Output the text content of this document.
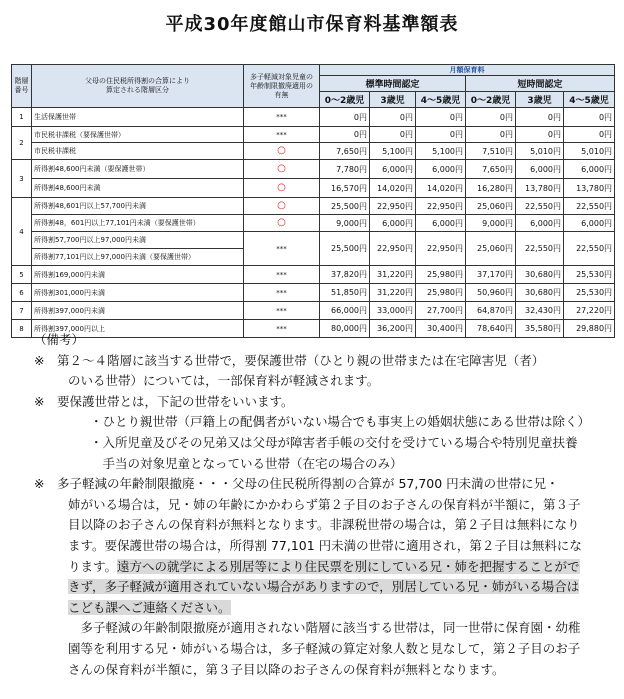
平成30年度館山市保育料基準額表
階層
番号	父母の住民税所得割の合算により
算定される階層区分	多子軽減対象児童の
年齢制限撤廃適用の
有無	月額保育料					
			標準時間認定			短時間認定		
			0～2歳児	3歳児	4～5歳児	0～2歳児	3歳児	4～5歳児
1	生活保護世帯	***	0円	0円	0円	0円	0円	0円
2	市民税非課税（要保護世帯）	***	0円	0円	0円	0円	0円	0円
	市民税非課税	○	7,650円	5,100円	5,100円	7,510円	5,010円	5,010円
3	所得割48,600円未満（要保護世帯）	○	7,780円	6,000円	6,000円	7,650円	6,000円	6,000円
	所得割48,600円未満	○	16,570円	14,020円	14,020円	16,280円	13,780円	13,780円
4	所得割48,601円以上57,700円未満	○	25,500円	22,950円	22,950円	25,060円	22,550円	22,550円
	所得割48，601円以上77,101円未満（要保護世帯）	○	9,000円	6,000円	6,000円	9,000円	6,000円	6,000円
	所得割57,700円以上97,000円未満	***	25,500円	22,950円	22,950円	25,060円	22,550円	22,550円
	所得割77,101円以上97,000円未満（要保護世帯）							
5	所得割169,000円未満	***	37,820円	31,220円	25,980円	37,170円	30,680円	25,530円
6	所得割301,000円未満	***	51,850円	31,220円	25,980円	50,960円	30,680円	25,530円
7	所得割397,000円未満	***	66,000円	33,000円	27,700円	64,870円	32,430円	27,220円
8	所得割397,000円以上	***	80,000円	36,200円	30,400円	78,640円	35,580円	29,880円

（備考）

※　第２～４階層に該当する世帯で，要保護世帯（ひとり親の世帯または在宅障害児（者）

のいる世帯）については，一部保育料が軽減されます。

※　要保護世帯とは，下記の世帯をいいます。

・ひとり親世帯（戸籍上の配偶者がいない場合でも事実上の婚姻状態にある世帯は除く）

・入所児童及びその兄弟又は父母が障害者手帳の交付を受けている場合や特別児童扶養

　手当の対象児童となっている世帯（在宅の場合のみ）

※　多子軽減の年齢制限撤廃・・・父母の住民税所得割の合算が 57,700 円未満の世帯に兄・

姉がいる場合は，兄・姉の年齢にかかわらず第２子目のお子さんの保育料が半額に，第３子

目以降のお子さんの保育料が無料となります。非課税世帯の場合は，第２子目は無料になり

ます。要保護世帯の場合は，所得割 77,101 円未満の世帯に適用され，第２子目は無料にな

ります。遠方への就学による別居等により住民票を別にしている兄・姉を把握することがで

きず，多子軽減が適用されていない場合がありますので，別居している兄・姉がいる場合は

こども課へご連絡ください。

　多子軽減の年齢制限撤廃が適用されない階層に該当する世帯は，同一世帯に保育園・幼稚

園等を利用する兄・姉がいる場合は，多子軽減の算定対象人数と見なして，第２子目のお子

さんの保育料が半額に，第３子目以降のお子さんの保育料が無料となります。
